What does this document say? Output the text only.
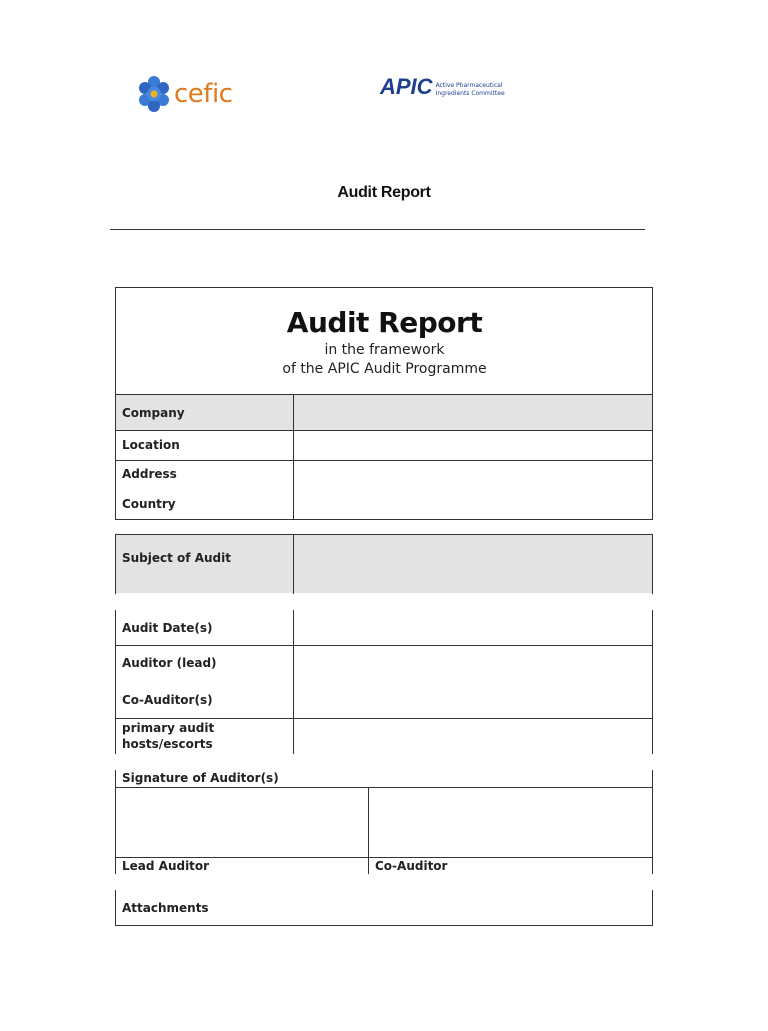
cefic	APIC Active Pharmaceutical
Ingredients Committee
Audit Report
Audit Report
in the framework
of the APIC Audit Programme
Company
Location
Address
Country
Subject of Audit
Audit Date(s)
Auditor (lead)
Co-Auditor(s)
primary audit
hosts/escorts
Signature of Auditor(s)
Lead Auditor	Co-Auditor
Attachments
